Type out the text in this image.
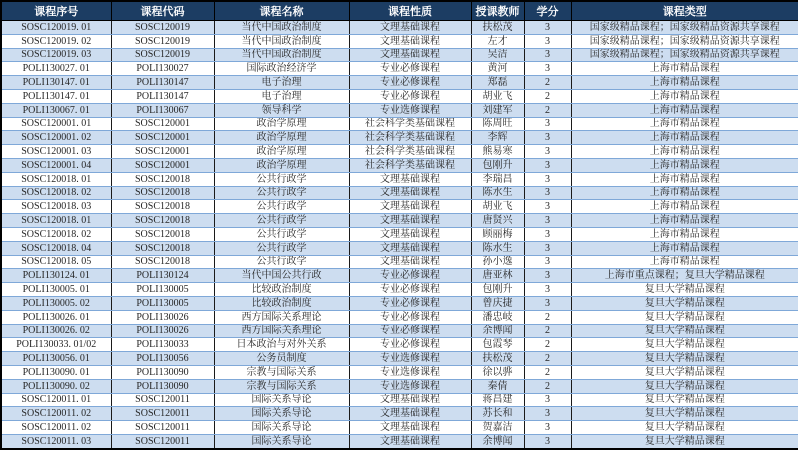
课程序号	课程代码	课程名称	课程性质	授课教师	学分	课程类型
SOSC120019. 01	SOSC120019	当代中国政治制度	文理基础课程	扶松茂	3	国家级精品课程；国家级精品资源共享课程
SOSC120019. 02	SOSC120019	当代中国政治制度	文理基础课程	左才	3	国家级精品课程；国家级精品资源共享课程
SOSC120019. 03	SOSC120019	当代中国政治制度	文理基础课程	吴洁	3	国家级精品课程；国家级精品资源共享课程
POLI130027. 01	POLI130027	国际政治经济学	专业必修课程	黄河	3	上海市精品课程
POLI130147. 01	POLI130147	电子治理	专业必修课程	郑磊	2	上海市精品课程
POLI130147. 01	POLI130147	电子治理	专业必修课程	胡业飞	2	上海市精品课程
POLI130067. 01	POLI130067	领导科学	专业选修课程	刘建军	2	上海市精品课程
SOSC120001. 01	SOSC120001	政治学原理	社会科学类基础课程	陈周旺	3	上海市精品课程
SOSC120001. 02	SOSC120001	政治学原理	社会科学类基础课程	李辉	3	上海市精品课程
SOSC120001. 03	SOSC120001	政治学原理	社会科学类基础课程	熊易寒	3	上海市精品课程
SOSC120001. 04	SOSC120001	政治学原理	社会科学类基础课程	包刚升	3	上海市精品课程
SOSC120018. 01	SOSC120018	公共行政学	文理基础课程	李瑞昌	3	上海市精品课程
SOSC120018. 02	SOSC120018	公共行政学	文理基础课程	陈水生	3	上海市精品课程
SOSC120018. 03	SOSC120018	公共行政学	文理基础课程	胡业飞	3	上海市精品课程
SOSC120018. 01	SOSC120018	公共行政学	文理基础课程	唐贤兴	3	上海市精品课程
SOSC120018. 02	SOSC120018	公共行政学	文理基础课程	顾丽梅	3	上海市精品课程
SOSC120018. 04	SOSC120018	公共行政学	文理基础课程	陈水生	3	上海市精品课程
SOSC120018. 05	SOSC120018	公共行政学	文理基础课程	孙小逸	3	上海市精品课程
POLI130124. 01	POLI130124	当代中国公共行政	专业必修课程	唐亚林	3	上海市重点课程；复旦大学精品课程
POLI130005. 01	POLI130005	比较政治制度	专业必修课程	包刚升	3	复旦大学精品课程
POLI130005. 02	POLI130005	比较政治制度	专业必修课程	曾庆捷	3	复旦大学精品课程
POLI130026. 01	POLI130026	西方国际关系理论	专业必修课程	潘忠岐	2	复旦大学精品课程
POLI130026. 02	POLI130026	西方国际关系理论	专业必修课程	余博闻	2	复旦大学精品课程
POLI130033. 01/02	POLI130033	日本政治与对外关系	专业必修课程	包霞琴	2	复旦大学精品课程
POLI130056. 01	POLI130056	公务员制度	专业选修课程	扶松茂	2	复旦大学精品课程
POLI130090. 01	POLI130090	宗教与国际关系	专业选修课程	徐以骅	2	复旦大学精品课程
POLI130090. 02	POLI130090	宗教与国际关系	专业选修课程	秦倩	2	复旦大学精品课程
SOSC120011. 01	SOSC120011	国际关系导论	文理基础课程	蒋昌建	3	复旦大学精品课程
SOSC120011. 02	SOSC120011	国际关系导论	文理基础课程	苏长和	3	复旦大学精品课程
SOSC120011. 02	SOSC120011	国际关系导论	文理基础课程	贺嘉洁	3	复旦大学精品课程
SOSC120011. 03	SOSC120011	国际关系导论	文理基础课程	余博闻	3	复旦大学精品课程
